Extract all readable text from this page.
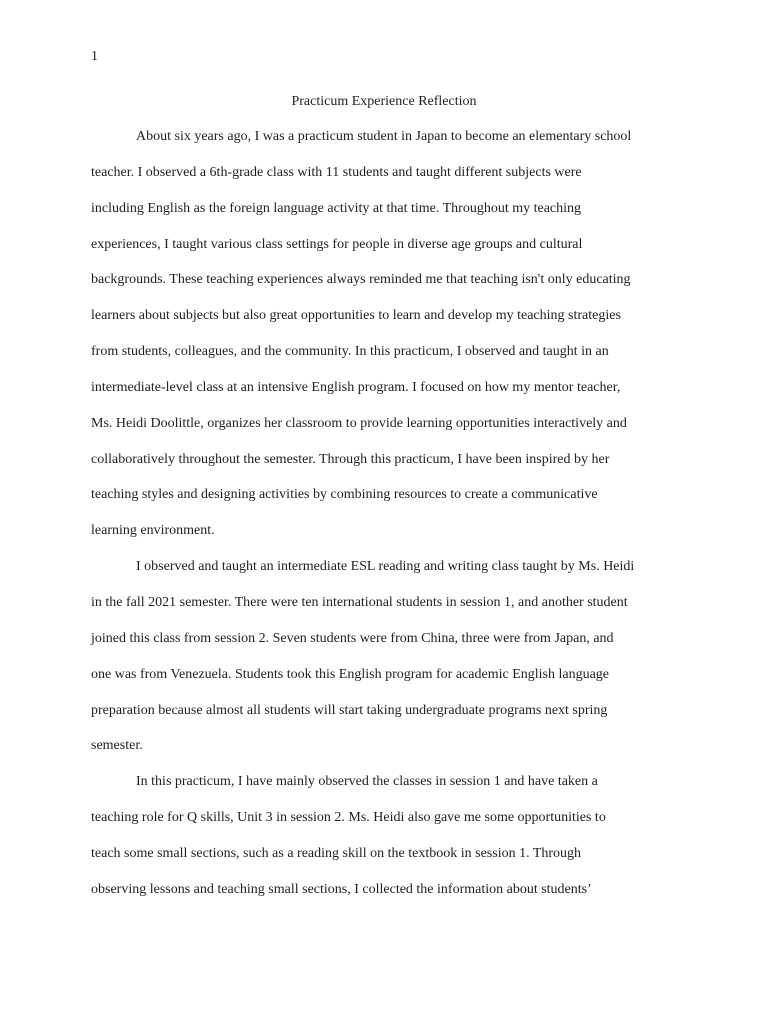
1

Practicum Experience Reflection
About six years ago, I was a practicum student in Japan to become an elementary school
teacher. I observed a 6th-grade class with 11 students and taught different subjects were
including English as the foreign language activity at that time. Throughout my teaching
experiences, I taught various class settings for people in diverse age groups and cultural
backgrounds. These teaching experiences always reminded me that teaching isn't only educating
learners about subjects but also great opportunities to learn and develop my teaching strategies
from students, colleagues, and the community. In this practicum, I observed and taught in an
intermediate-level class at an intensive English program. I focused on how my mentor teacher,
Ms. Heidi Doolittle, organizes her classroom to provide learning opportunities interactively and
collaboratively throughout the semester. Through this practicum, I have been inspired by her
teaching styles and designing activities by combining resources to create a communicative
learning environment.
I observed and taught an intermediate ESL reading and writing class taught by Ms. Heidi
in the fall 2021 semester. There were ten international students in session 1, and another student
joined this class from session 2. Seven students were from China, three were from Japan, and
one was from Venezuela. Students took this English program for academic English language
preparation because almost all students will start taking undergraduate programs next spring
semester.
In this practicum, I have mainly observed the classes in session 1 and have taken a
teaching role for Q skills, Unit 3 in session 2. Ms. Heidi also gave me some opportunities to
teach some small sections, such as a reading skill on the textbook in session 1. Through
observing lessons and teaching small sections, I collected the information about students’
